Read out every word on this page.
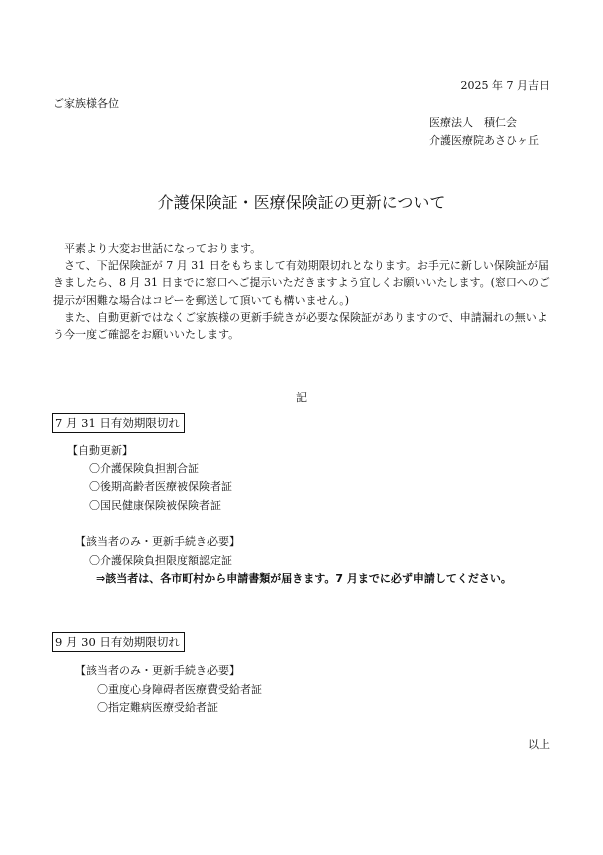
2025 年 7 月吉日
ご家族様各位
医療法人　積仁会
介護医療院あさひヶ丘
介護保険証・医療保険証の更新について

平素より大変お世話になっております。

さて、下記保険証が 7 月 31 日をもちまして有効期限切れとなります。お手元に新しい保険証が届きましたら、8 月 31 日までに窓口へご提示いただきますよう宜しくお願いいたします。(窓口へのご提示が困難な場合はコピーを郵送して頂いても構いません。)

また、自動更新ではなくご家族様の更新手続きが必要な保険証がありますので、申請漏れの無いよう今一度ご確認をお願いいたします。

記
7 月 31 日有効期限切れ
【自動更新】
〇介護保険負担割合証
〇後期高齢者医療被保険者証
〇国民健康保険被保険者証
【該当者のみ・更新手続き必要】
〇介護保険負担限度額認定証
⇒該当者は、各市町村から申請書類が届きます。7 月までに必ず申請してください。
9 月 30 日有効期限切れ
【該当者のみ・更新手続き必要】
〇重度心身障碍者医療費受給者証
〇指定難病医療受給者証
以上
